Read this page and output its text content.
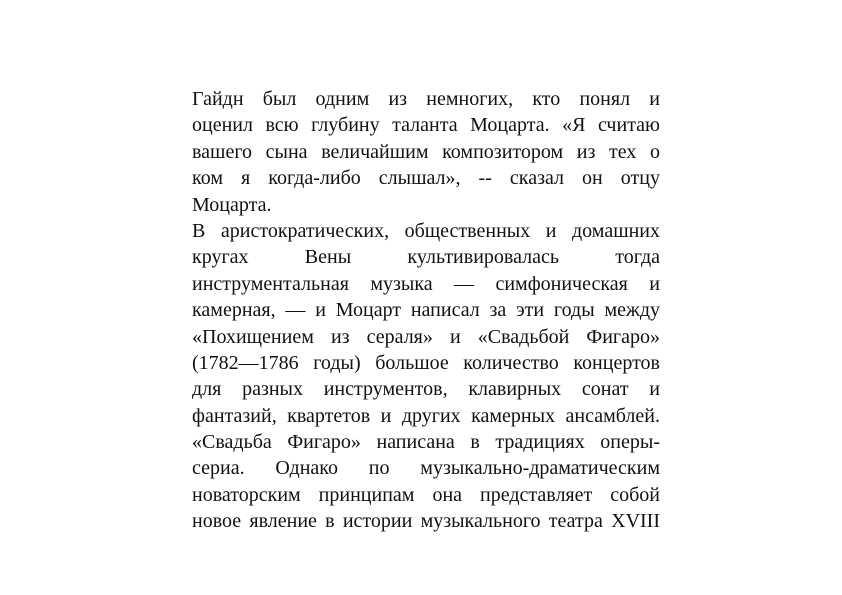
Гайдн был одним из немногих, кто понял и
оценил всю глубину таланта Моцарта. «Я считаю
вашего сына величайшим композитором из тех о
ком я когда-либо слышал», -- сказал он отцу
Моцарта.
В аристократических, общественных и домашних
кругах Вены культивировалась тогда
инструментальная музыка — симфоническая и
камерная, — и Моцарт написал за эти годы между
«Похищением из сераля» и «Свадьбой Фигаро»
(1782—1786 годы) большое количество концертов
для разных инструментов, клавирных сонат и
фантазий, квартетов и других камерных ансамблей.
«Свадьба Фигаро» написана в традициях оперы-
сериа. Однако по музыкально-драматическим
новаторским принципам она представляет собой
новое явление в истории музыкального театра XVIII
